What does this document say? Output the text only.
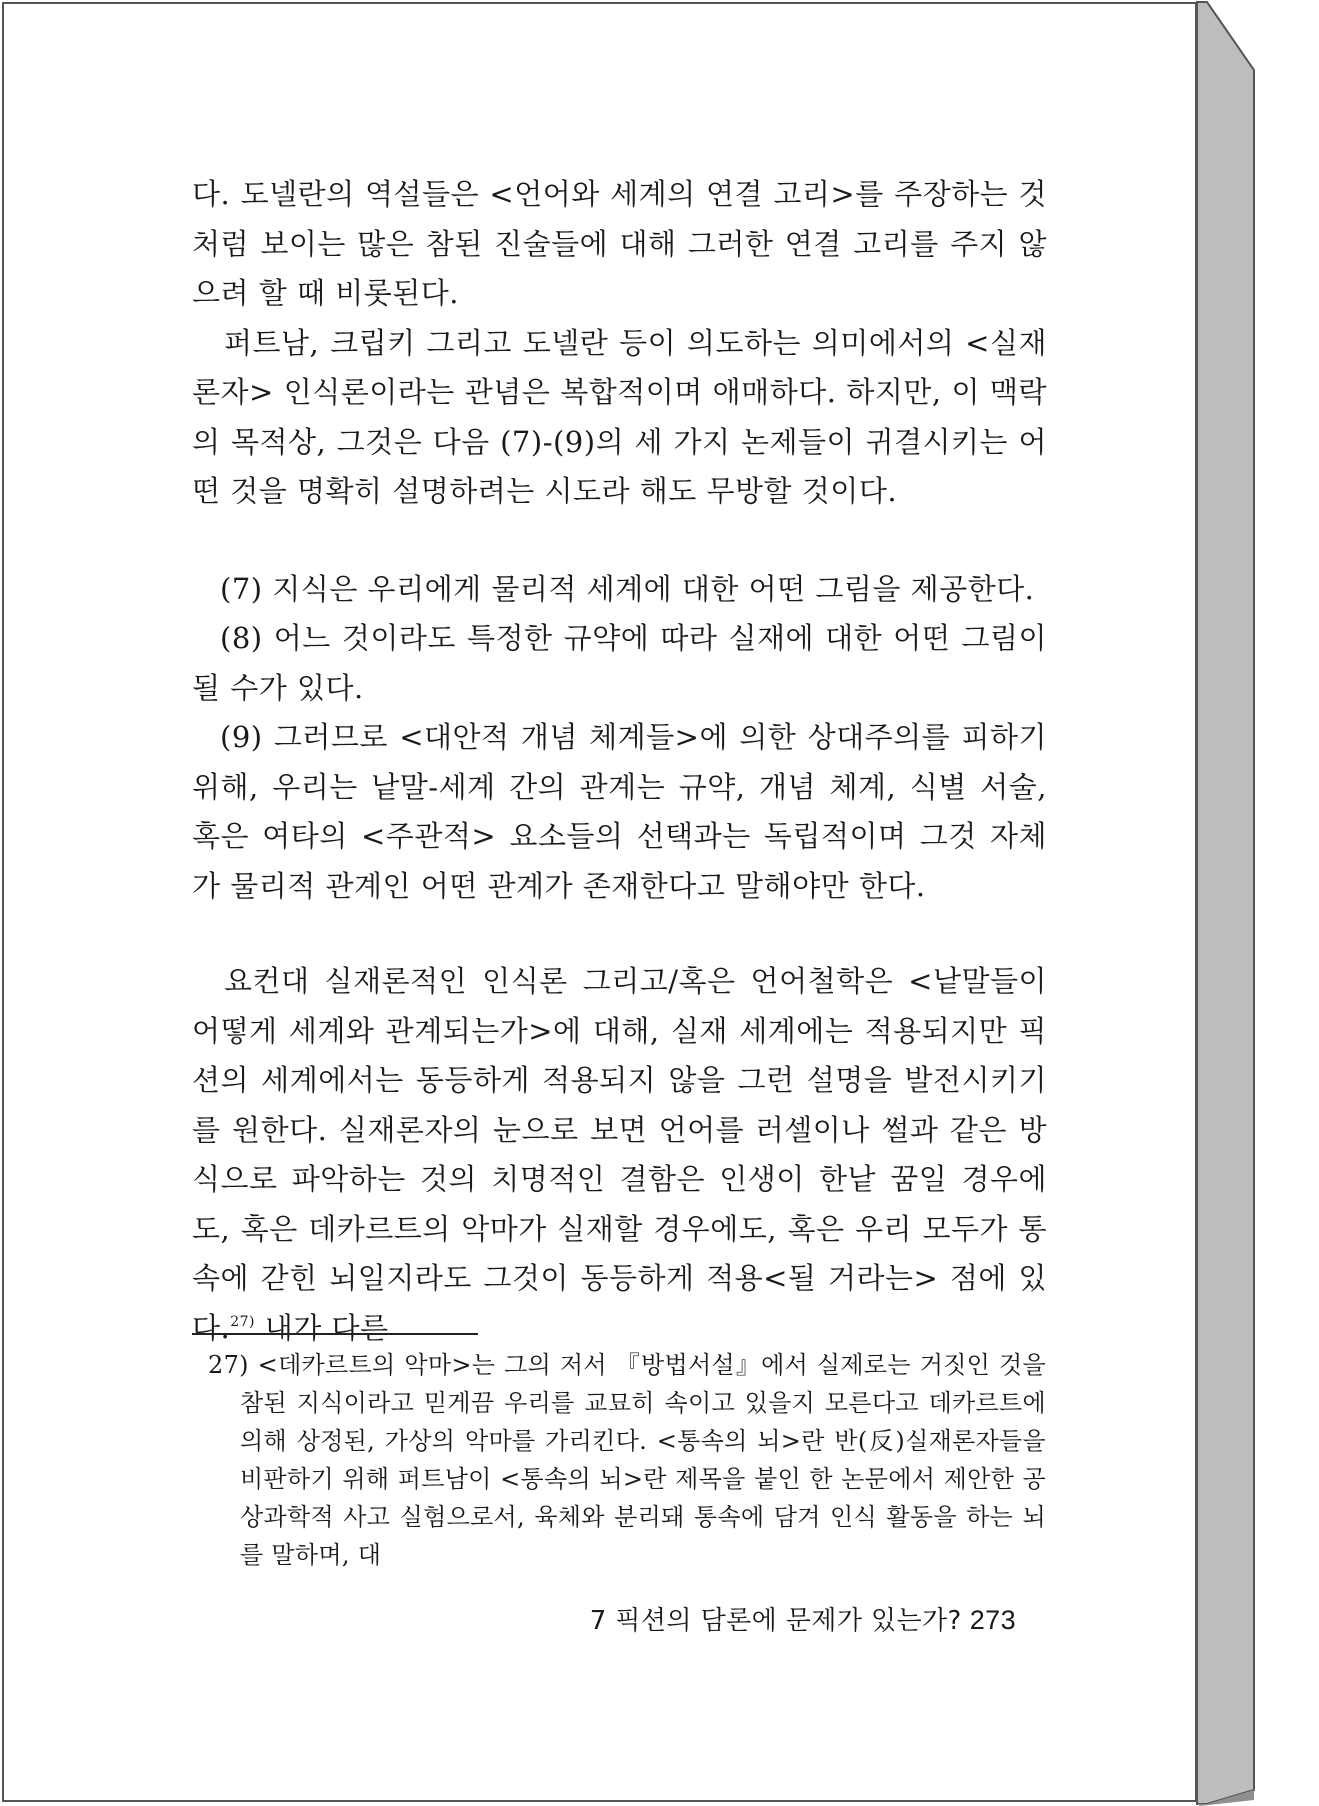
다. 도넬란의 역설들은 <언어와 세계의 연결 고리>를 주장하는 것처럼 보이는 많은 참된 진술들에 대해 그러한 연결 고리를 주지 않으려 할 때 비롯된다.

퍼트남, 크립키 그리고 도넬란 등이 의도하는 의미에서의 <실재론자> 인식론이라는 관념은 복합적이며 애매하다. 하지만, 이 맥락의 목적상, 그것은 다음 (7)-(9)의 세 가지 논제들이 귀결시키는 어떤 것을 명확히 설명하려는 시도라 해도 무방할 것이다.

(7) 지식은 우리에게 물리적 세계에 대한 어떤 그림을 제공한다.

(8) 어느 것이라도 특정한 규약에 따라 실재에 대한 어떤 그림이 될 수가 있다.

(9) 그러므로 <대안적 개념 체계들>에 의한 상대주의를 피하기 위해, 우리는 낱말-세계 간의 관계는 규약, 개념 체계, 식별 서술, 혹은 여타의 <주관적> 요소들의 선택과는 독립적이며 그것 자체가 물리적 관계인 어떤 관계가 존재한다고 말해야만 한다.

요컨대 실재론적인 인식론 그리고/혹은 언어철학은 <낱말들이 어떻게 세계와 관계되는가>에 대해, 실재 세계에는 적용되지만 픽션의 세계에서는 동등하게 적용되지 않을 그런 설명을 발전시키기를 원한다. 실재론자의 눈으로 보면 언어를 러셀이나 썰과 같은 방식으로 파악하는 것의 치명적인 결함은 인생이 한낱 꿈일 경우에도, 혹은 데카르트의 악마가 실재할 경우에도, 혹은 우리 모두가 통속에 갇힌 뇌일지라도 그것이 동등하게 적용<될 거라는> 점에 있다.$^{27)}$ 내가 다른

27) <데카르트의 악마>는 그의 저서 『방법서설』에서 실제로는 거짓인 것을 참된 지식이라고 믿게끔 우리를 교묘히 속이고 있을지 모른다고 데카르트에 의해 상정된, 가상의 악마를 가리킨다. <통속의 뇌>란 반(反)실재론자들을 비판하기 위해 퍼트남이 <통속의 뇌>란 제목을 붙인 한 논문에서 제안한 공상과학적 사고 실험으로서, 육체와 분리돼 통속에 담겨 인식 활동을 하는 뇌를 말하며, 대

7 픽션의 담론에 문제가 있는가? 273
